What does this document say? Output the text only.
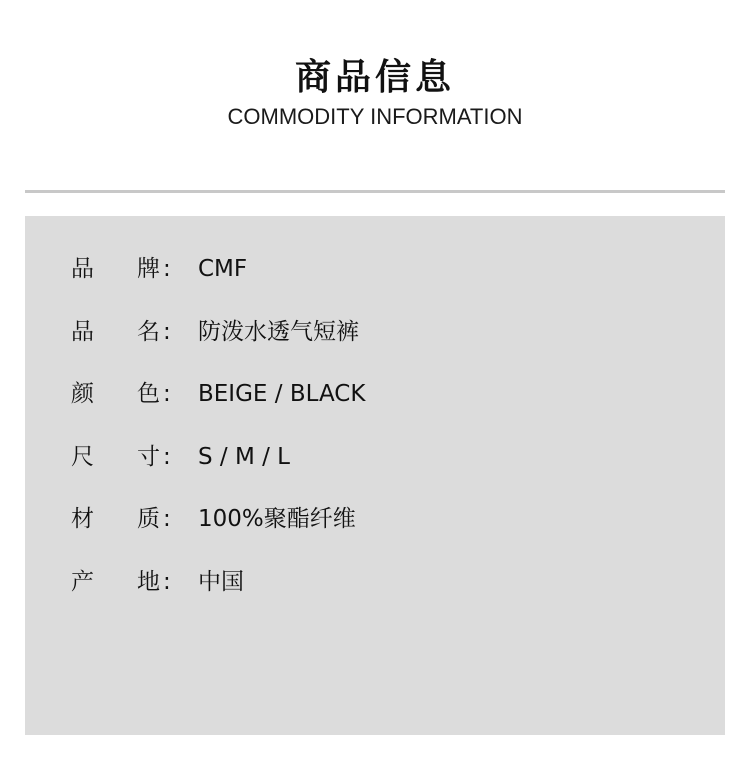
商品信息
COMMODITY INFORMATION
品 牌 : CMF
品 名 : 防泼水透气短裤
颜 色 : BEIGE / BLACK
尺 寸 : S / M / L
材 质 : 100%聚酯纤维
产 地 : 中国
